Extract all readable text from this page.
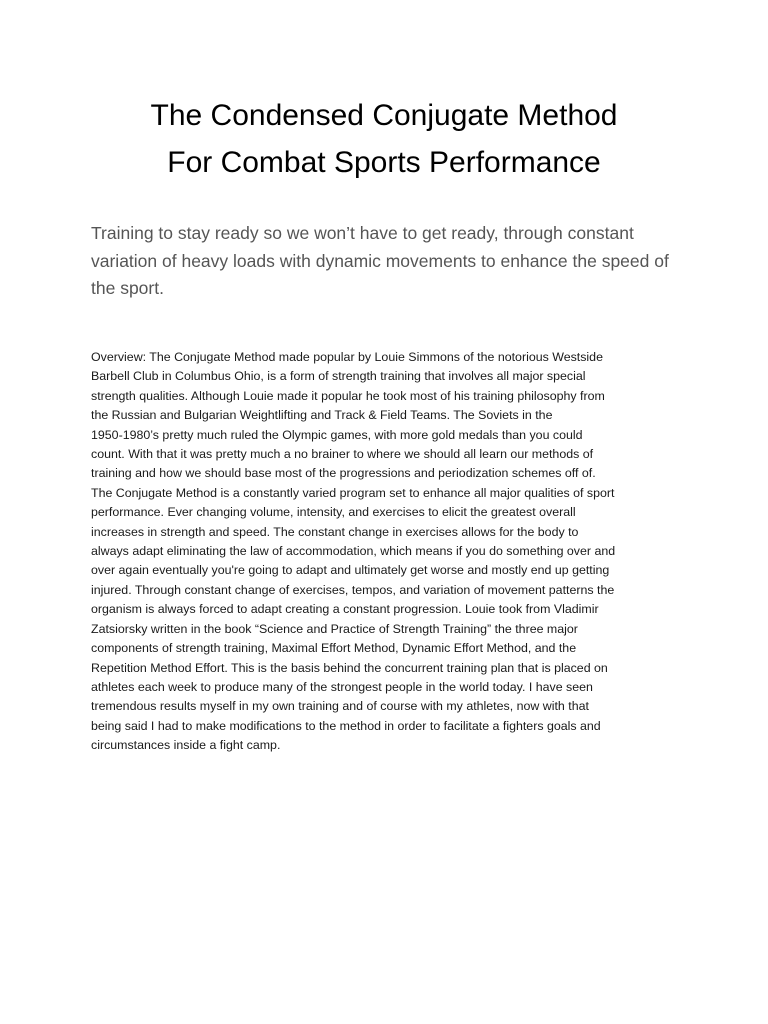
The Condensed Conjugate Method
For Combat Sports Performance

Training to stay ready so we won’t have to get ready, through constant variation of heavy loads with dynamic movements to enhance the speed of the sport.

Overview: The Conjugate Method made popular by Louie Simmons of the notorious Westside
Barbell Club in Columbus Ohio, is a form of strength training that involves all major special
strength qualities. Although Louie made it popular he took most of his training philosophy from
the Russian and Bulgarian Weightlifting and Track & Field Teams. The Soviets in the
1950-1980’s pretty much ruled the Olympic games, with more gold medals than you could
count. With that it was pretty much a no brainer to where we should all learn our methods of
training and how we should base most of the progressions and periodization schemes off of.
The Conjugate Method is a constantly varied program set to enhance all major qualities of sport
performance. Ever changing volume, intensity, and exercises to elicit the greatest overall
increases in strength and speed. The constant change in exercises allows for the body to
always adapt eliminating the law of accommodation, which means if you do something over and
over again eventually you're going to adapt and ultimately get worse and mostly end up getting
injured. Through constant change of exercises, tempos, and variation of movement patterns the
organism is always forced to adapt creating a constant progression. Louie took from Vladimir
Zatsiorsky written in the book “Science and Practice of Strength Training” the three major
components of strength training, Maximal Effort Method, Dynamic Effort Method, and the
Repetition Method Effort. This is the basis behind the concurrent training plan that is placed on
athletes each week to produce many of the strongest people in the world today. I have seen
tremendous results myself in my own training and of course with my athletes, now with that
being said I had to make modifications to the method in order to facilitate a fighters goals and
circumstances inside a fight camp.
